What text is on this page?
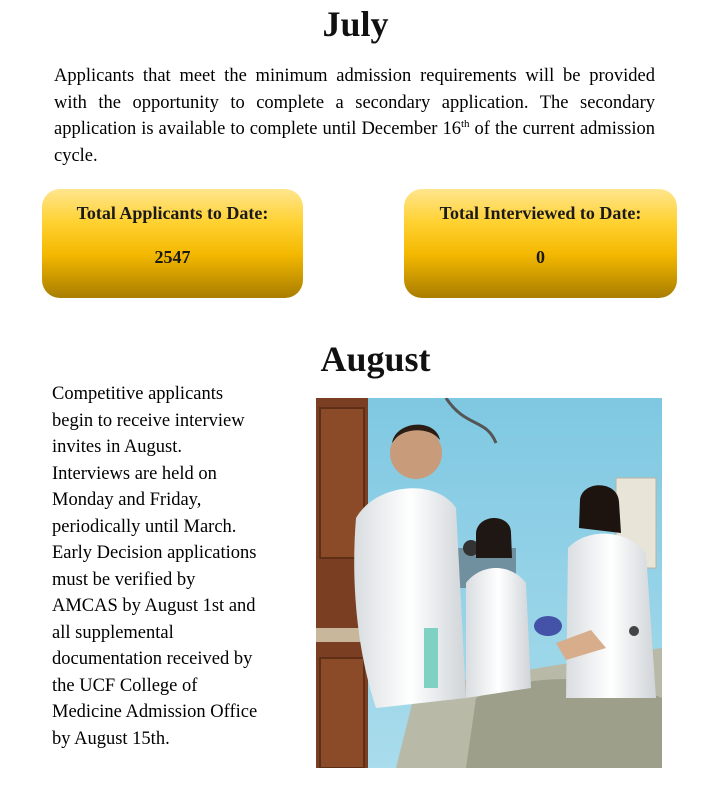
July
Applicants that meet the minimum admission requirements will be provided with the opportunity to complete a secondary application. The secondary application is available to complete until December 16th of the current admission cycle.
Total Applicants to Date:
2547
Total Interviewed to Date:
0
August
Competitive applicants
begin to receive interview
invites in August.
Interviews are held on
Monday and Friday,
periodically until March.
Early Decision applications
must be verified by
AMCAS by August 1st and
all supplemental
documentation received by
the UCF College of
Medicine Admission Office
by August 15th.
